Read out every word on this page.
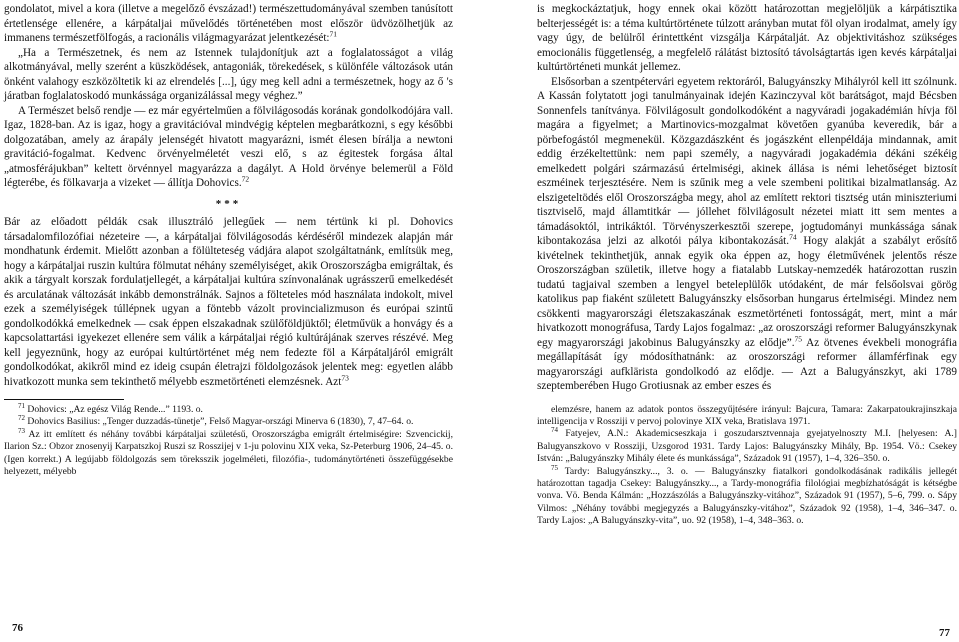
gondolatot, mivel a kora (illetve a megelőző évszázad!) természettudományával szemben tanúsított értetlensége ellenére, a kárpátaljai művelődés történetében most először üdvözölhetjük az immanens természetfölfogás, a racionális világmagyarázat jelentkezését:$^{71}$

„Ha a Természetnek, és nem az Istennek tulajdonítjuk azt a foglalatosságot a világ alkotmányával, melly szerént a küszködések, antagoniák, törekedések, s különféle változások után önként valahogy eszközöltetik ki az elrendelés [...], úgy meg kell adni a természetnek, hogy az ő 's járatban foglalatoskodó munkássága organizálással megy véghez.”

A Természet belső rendje — ez már egyértelműen a fölvilágosodás korának gondolkodójára vall. Igaz, 1828-ban. Az is igaz, hogy a gravitációval mindvégig képtelen megbarátkozni, s egy későbbi dolgozatában, amely az árapály jelenségét hivatott magyarázni, ismét élesen bírálja a newtoni gravitáció-fogalmat. Kedvenc örvényelméletét veszi elő, s az égitestek forgása által „atmosférájukban” keltett örvénnyel magyarázza a dagályt. A Hold örvénye belemerül a Föld légterébe, és fölkavarja a vizeket — állítja Dohovics.$^{72}$

***

Bár az előadott példák csak illusztráló jellegűek — nem tértünk ki pl. Dohovics társadalomfilozófiai nézeteire —, a kárpátaljai fölvilágosodás kérdéséről mindezek alapján már mondhatunk érdemit. Mielőtt azonban a fölülteteség vádjára alapot szolgáltatnánk, említsük meg, hogy a kárpátaljai ruszin kultúra fölmutat néhány személyiséget, akik Oroszországba emigráltak, és akik a tárgyalt korszak fordulatjellegét, a kárpátaljai kultúra színvonalának ugrásszerű emelkedését és arculatának változását inkább demonstrálnák. Sajnos a fölteteles mód használata indokolt, mivel ezek a személyiségek túllépnek ugyan a föntebb vázolt provincializmuson és európai szintű gondolkodókká emelkednek — csak éppen elszakadnak szülőföldjüktől; életművük a honvágy és a kapcsolattartási igyekezet ellenére sem válik a kárpátaljai régió kultúrájának szerves részévé. Meg kell jegyeznünk, hogy az európai kultúrtörténet még nem fedezte föl a Kárpátaljáról emigrált gondolkodókat, akikről mind ez ideig csupán életrajzi földolgozások jelentek meg: egyetlen alább hivatkozott munka sem tekinthető mélyebb eszmetörténeti elemzésnek. Azt$^{73}$

$^{71}$ Dohovics: „Az egész Világ Rende...” 1193. o.

$^{72}$ Dohovics Basilius: „Tenger duzzadás-tünetje”, Felső Magyar-országi Minerva 6 (1830), 7, 47–64. o.

$^{73}$ Az itt említett és néhány további kárpátaljai születésű, Oroszországba emigrált értelmiségire: Szvencickij, Ilarion Sz.: Obzor znosenyij Karpatszkoj Ruszi sz Rosszijej v 1-ju polovinu XIX veka, Sz-Peterburg 1906, 24–45. o. (Igen korrekt.) A legújabb földolgozás sem töreksszik jogelméleti, filozófia-, tudománytörténeti összefüggésekbe helyezett, mélyebb

76

is megkockáztatjuk, hogy ennek okai között határozottan megjelöljük a kárpátisztika belterjességét is: a téma kultúrtörténete túlzott arányban mutat föl olyan irodalmat, amely így vagy úgy, de belülről érintettként vizsgálja Kárpátalját. Az objektivitáshoz szükséges emocionális függetlenség, a megfelelő rálátást biztosító távolságtartás igen kevés kárpátaljai kultúrtörténeti munkát jellemez.

Elsősorban a szentpétervári egyetem rektoráról, Balugyánszky Mihályról kell itt szólnunk. A Kassán folytatott jogi tanulmányainak idején Kazinczyval köt barátságot, majd Bécsben Sonnenfels tanítványa. Fölvilágosult gondolkodóként a nagyváradi jogakadémián hívja föl magára a figyelmet; a Martinovics-mozgalmat követően gyanúba keveredik, bár a pörbefogástól megmenekül. Közgazdászként és jogászként ellenpéldája mindannak, amit eddig érzékeltettünk: nem papi személy, a nagyváradi jogakadémia dékáni székéig emelkedett polgári származású értelmiségi, akinek állása is némi lehetőséget biztosít eszméinek terjesztésére. Nem is szűnik meg a vele szembeni politikai bizalmatlanság. Az elszigeteltödés elől Oroszországba megy, ahol az említett rektori tisztség után miniszteriumi tisztviselő, majd államtitkár — jóllehet fölvilágosult nézetei miatt itt sem mentes a támadásoktól, intrikáktól. Törvényszerkesztői szerepe, jogtudományi munkássága sának kibontakozása jelzi az alkotói pálya kibontakozását.$^{74}$ Hogy alakját a szabályt erősítő kivételnek tekinthetjük, annak egyik oka éppen az, hogy életművének jelentős része Oroszországban születik, illetve hogy a fiatalabb Lutskay-nemzedék határozottan ruszin tudatú tagjaival szemben a lengyel beteleplülők utódaként, de már felsőolsvai görög katolikus pap fiaként született Balugyánszky elsősorban hungarus értelmiségi. Mindez nem csökkenti magyarországi életszakaszának eszmetörténeti fontosságát, mert, mint a már hivatkozott monográfusa, Tardy Lajos fogalmaz: „az oroszországi reformer Balugyánszkynak egy magyarországi jakobinus Balugyánszky az elődje”.$^{75}$ Az ötvenes évekbeli monográfia megállapítását így módosíthatnánk: az oroszországi reformer államférfinak egy magyarországi aufklärista gondolkodó az elődje. — Azt a Balugyánszkyt, aki 1789 szeptemberében Hugo Grotiusnak az ember eszes és

elemzésre, hanem az adatok pontos összegyűjtésére irányul: Bajcura, Tamara: Zakarpatoukrajinszkaja intelligencija v Rosszijі v pervoj polovinye XIX veka, Bratislava 1971.

$^{74}$ Fatyejev, A.N.: Akademicseszkaja i goszudarsztvennaja gyejatyelnoszty M.I. [helyesen: A.] Balugyanszkovo v Rossziji, Uzsgorod 1931. Tardy Lajos: Balugyánszky Mihály, Bp. 1954. Vö.: Csekey István: „Balugyánszky Mihály élete és munkássága”, Századok 91 (1957), 1–4, 326–350. o.

$^{75}$ Tardy: Balugyánszky..., 3. o. — Balugyánszky fiatalkori gondolkodásának radikális jellegét határozottan tagadja Csekey: Balugyánszky..., a Tardy-monográfia filológiai megbízhatóságát is kétségbe vonva. Vö. Benda Kálmán: „Hozzászólás a Balugyánszky-vitához”, Századok 91 (1957), 5–6, 799. o. Sápy Vilmos: „Néhány további megjegyzés a Balugyánszky-vitához”, Századok 92 (1958), 1–4, 346–347. o. Tardy Lajos: „A Balugyánszky-vita”, uo. 92 (1958), 1–4, 348–363. o.

77
